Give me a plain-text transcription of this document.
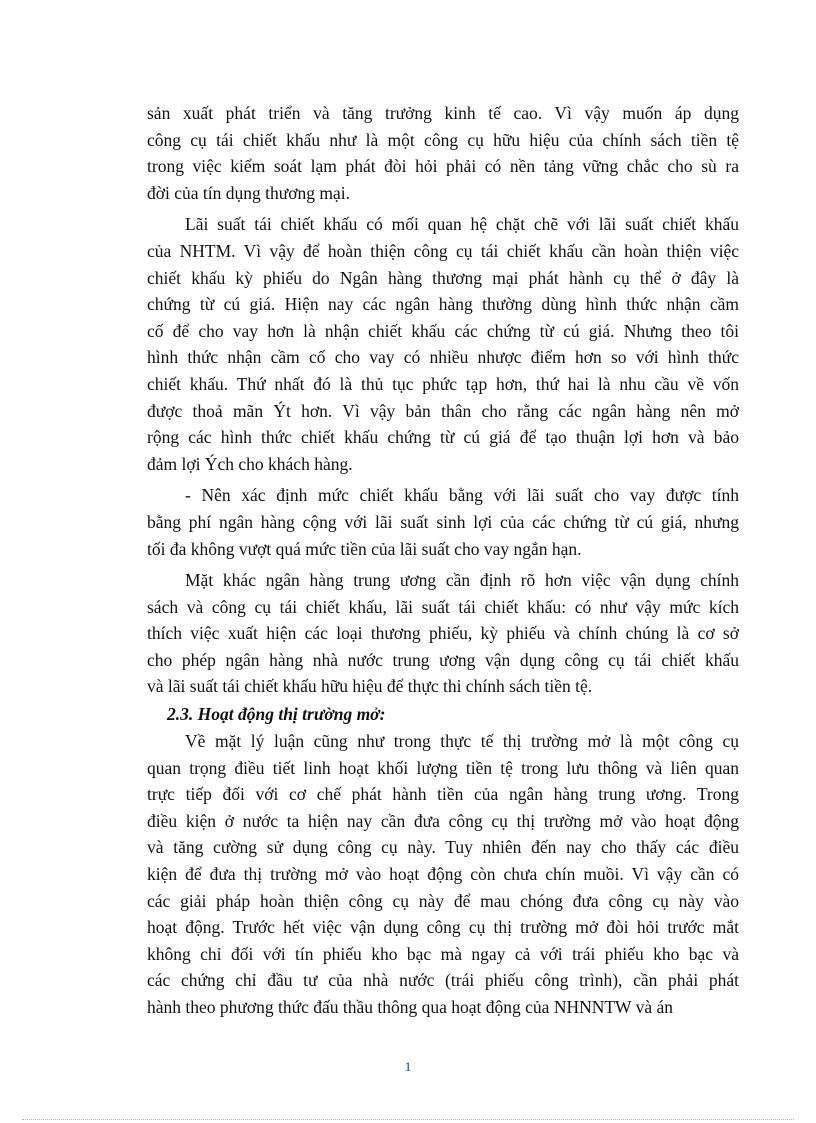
sản xuất phát triển và tăng trưởng kinh tế cao. Vì vậy muốn áp dụng
công cụ tái chiết khấu như là một công cụ hữu hiệu của chính sách tiền tệ
trong việc kiểm soát lạm phát đòi hỏi phải có nền tảng vững chắc cho sù ra
đời của tín dụng thương mại.
Lãi suất tái chiết khấu có mối quan hệ chặt chẽ với lãi suất chiết khấu
của NHTM. Vì vậy để hoàn thiện công cụ tái chiết khấu cần hoàn thiện việc
chiết khấu kỳ phiếu do Ngân hàng thương mại phát hành cụ thể ở đây là
chứng từ cú giá. Hiện nay các ngân hàng thường dùng hình thức nhận cầm
cố để cho vay hơn là nhận chiết khấu các chứng từ cú giá. Nhưng theo tôi
hình thức nhận cầm cố cho vay có nhiều nhược điểm hơn so với hình thức
chiết khấu. Thứ nhất đó là thủ tục phức tạp hơn, thứ hai là nhu cầu về vốn
được thoả mãn Ýt hơn. Vì vậy bản thân cho rằng các ngân hàng nên mở
rộng các hình thức chiết khấu chứng từ cú giá để tạo thuận lợi hơn và bảo
đảm lợi Ých cho khách hàng.
- Nên xác định mức chiết khấu bằng với lãi suất cho vay được tính
bằng phí ngân hàng cộng với lãi suất sinh lợi của các chứng từ cú giá, nhưng
tối đa không vượt quá mức tiền của lãi suất cho vay ngắn hạn.
Mặt khác ngân hàng trung ương cần định rõ hơn việc vận dụng chính
sách và công cụ tái chiết khấu, lãi suất tái chiết khấu: có như vậy mức kích
thích việc xuất hiện các loại thương phiếu, kỳ phiếu và chính chúng là cơ sở
cho phép ngân hàng nhà nước trung ương vận dụng công cụ tái chiết khấu
và lãi suất tái chiết khấu hữu hiệu để thực thi chính sách tiền tệ.
2.3. Hoạt động thị trường mở:
Về mặt lý luận cũng như trong thực tế thị trường mở là một công cụ
quan trọng điều tiết linh hoạt khối lượng tiền tệ trong lưu thông và liên quan
trực tiếp đối với cơ chế phát hành tiền của ngân hàng trung ương. Trong
điều kiện ở nước ta hiện nay cần đưa công cụ thị trường mở vào hoạt động
và tăng cường sử dụng công cụ này. Tuy nhiên đến nay cho thấy các điều
kiện để đưa thị trường mở vào hoạt động còn chưa chín muồi. Vì vậy cần có
các giải pháp hoàn thiện công cụ này để mau chóng đưa công cụ này vào
hoạt động. Trước hết việc vận dụng công cụ thị trường mở đòi hỏi trước mắt
không chỉ đối với tín phiếu kho bạc mà ngay cả với trái phiếu kho bạc và
các chứng chỉ đầu tư của nhà nước (trái phiếu công trình), cần phải phát
hành theo phương thức đấu thầu thông qua hoạt động của NHNNTW và án
1
